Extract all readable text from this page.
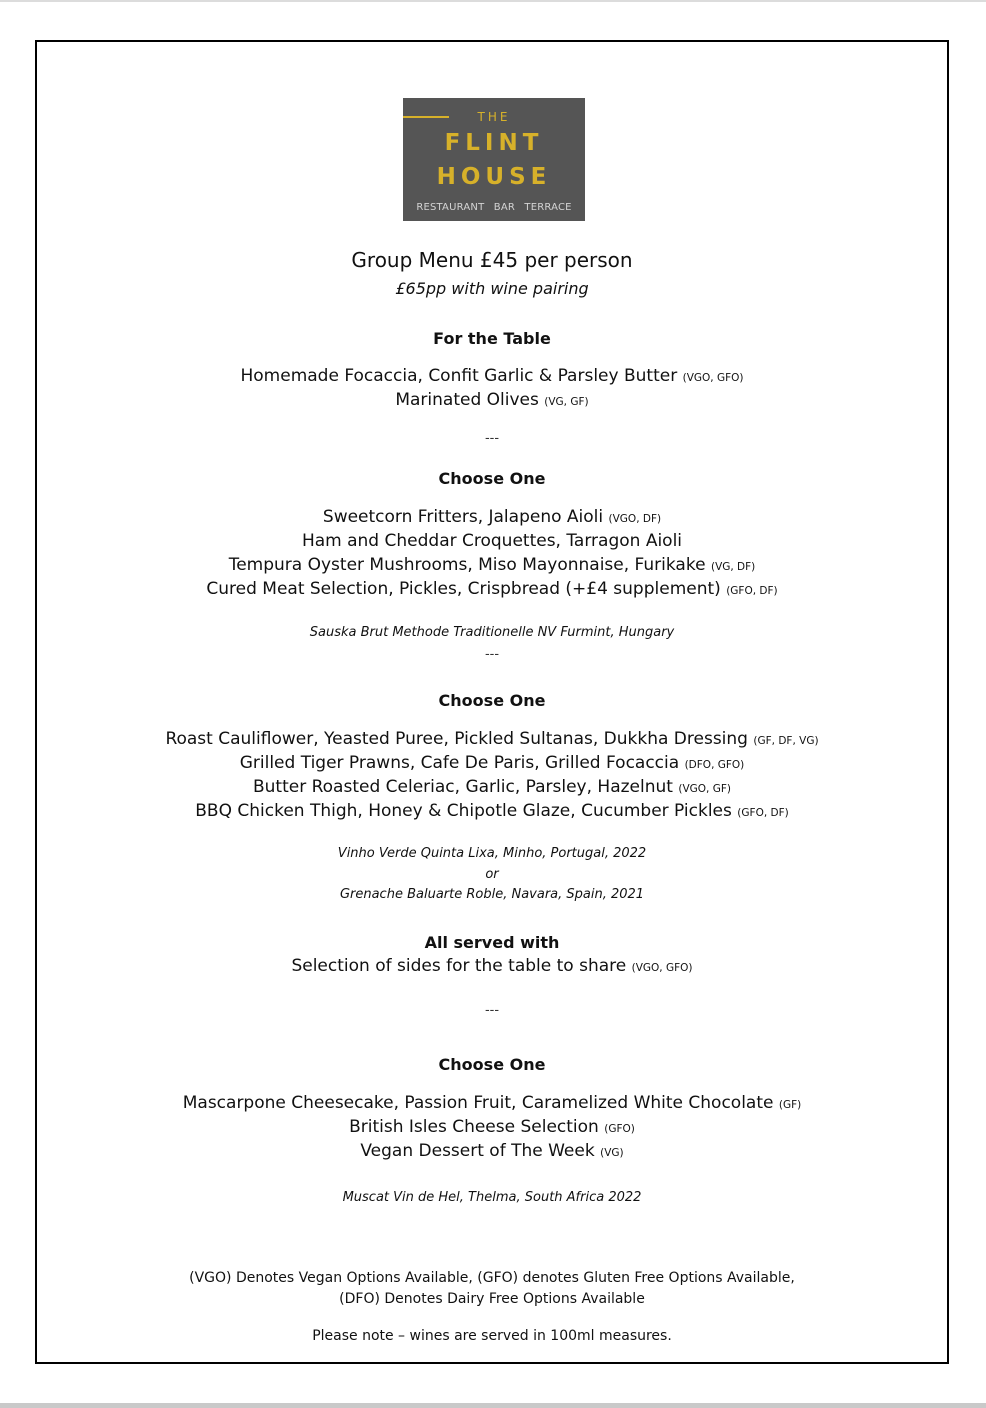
THE
FLINT
HOUSE
RESTAURANT BAR TERRACE
Group Menu £45 per person
£65pp with wine pairing
For the Table
Homemade Focaccia, Confit Garlic & Parsley Butter (VGO, GFO)
Marinated Olives (VG, GF)
---
Choose One
Sweetcorn Fritters, Jalapeno Aioli (VGO, DF)
Ham and Cheddar Croquettes, Tarragon Aioli
Tempura Oyster Mushrooms, Miso Mayonnaise, Furikake (VG, DF)
Cured Meat Selection, Pickles, Crispbread (+£4 supplement) (GFO, DF)
Sauska Brut Methode Traditionelle NV Furmint, Hungary
---
Choose One
Roast Cauliflower, Yeasted Puree, Pickled Sultanas, Dukkha Dressing (GF, DF, VG)
Grilled Tiger Prawns, Cafe De Paris, Grilled Focaccia (DFO, GFO)
Butter Roasted Celeriac, Garlic, Parsley, Hazelnut (VGO, GF)
BBQ Chicken Thigh, Honey & Chipotle Glaze, Cucumber Pickles (GFO, DF)
Vinho Verde Quinta Lixa, Minho, Portugal, 2022
or
Grenache Baluarte Roble, Navara, Spain, 2021
All served with
Selection of sides for the table to share (VGO, GFO)
---
Choose One
Mascarpone Cheesecake, Passion Fruit, Caramelized White Chocolate (GF)
British Isles Cheese Selection (GFO)
Vegan Dessert of The Week (VG)
Muscat Vin de Hel, Thelma, South Africa 2022
(VGO) Denotes Vegan Options Available, (GFO) denotes Gluten Free Options Available,
(DFO) Denotes Dairy Free Options Available
Please note – wines are served in 100ml measures.
